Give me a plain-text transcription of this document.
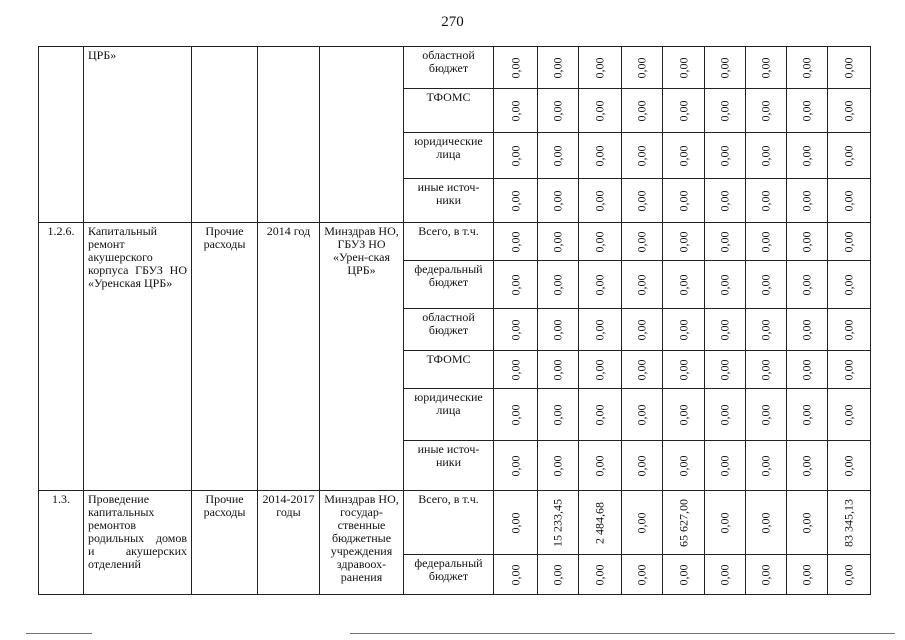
270
	ЦРБ»				областной бюджет	0,00	0,00	0,00	0,00	0,00	0,00	0,00	0,00	0,00

					ТФОМС	0,00	0,00	0,00	0,00	0,00	0,00	0,00	0,00	0,00

					юридические лица	0,00	0,00	0,00	0,00	0,00	0,00	0,00	0,00	0,00

					иные источ-ники	0,00	0,00	0,00	0,00	0,00	0,00	0,00	0,00	0,00

1.2.6.	Капитальный ремонт акушерского корпуса ГБУЗ НО «Уренская ЦРБ»	Прочие расходы	2014 год	Минздрав НО, ГБУЗ НО «Урен-ская ЦРБ»	Всего, в т.ч.	0,00	0,00	0,00	0,00	0,00	0,00	0,00	0,00	0,00

					федеральный бюджет	0,00	0,00	0,00	0,00	0,00	0,00	0,00	0,00	0,00

					областной бюджет	0,00	0,00	0,00	0,00	0,00	0,00	0,00	0,00	0,00

					ТФОМС	0,00	0,00	0,00	0,00	0,00	0,00	0,00	0,00	0,00

					юридические лица	0,00	0,00	0,00	0,00	0,00	0,00	0,00	0,00	0,00

					иные источ-ники	0,00	0,00	0,00	0,00	0,00	0,00	0,00	0,00	0,00

1.3.	Проведение капитальных ремонтов родильных домов и акушерских отделений	Прочие расходы	2014-2017 годы	Минздрав НО, государ-ственные бюджетные учреждения здравоох-ранения	Всего, в т.ч.	0,00	15 233,45	2 484,68	0,00	65 627,00	0,00	0,00	0,00	83 345,13

					федеральный бюджет	0,00	0,00	0,00	0,00	0,00	0,00	0,00	0,00	0,00
